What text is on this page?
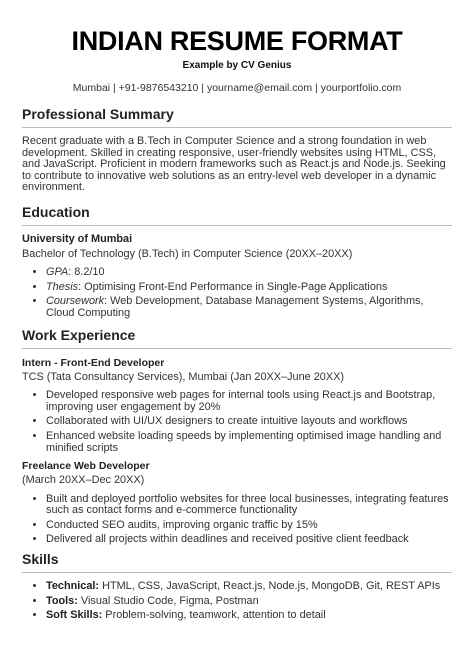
INDIAN RESUME FORMAT
Example by CV Genius
Mumbai | +91-9876543210 | yourname@email.com | yourportfolio.com
Professional Summary
Recent graduate with a B.Tech in Computer Science and a strong foundation in web development. Skilled in creating responsive, user-friendly websites using HTML, CSS, and JavaScript. Proficient in modern frameworks such as React.js and Node.js. Seeking to contribute to innovative web solutions as an entry-level web developer in a dynamic environment.
Education
University of Mumbai
Bachelor of Technology (B.Tech) in Computer Science (20XX–20XX)
• GPA: 8.2/10
• Thesis: Optimising Front-End Performance in Single-Page Applications
• Coursework: Web Development, Database Management Systems, Algorithms, Cloud Computing
Work Experience
Intern - Front-End Developer
TCS (Tata Consultancy Services), Mumbai (Jan 20XX–June 20XX)
• Developed responsive web pages for internal tools using React.js and Bootstrap, improving user engagement by 20%
• Collaborated with UI/UX designers to create intuitive layouts and workflows
• Enhanced website loading speeds by implementing optimised image handling and minified scripts
Freelance Web Developer
(March 20XX–Dec 20XX)
• Built and deployed portfolio websites for three local businesses, integrating features such as contact forms and e-commerce functionality
• Conducted SEO audits, improving organic traffic by 15%
• Delivered all projects within deadlines and received positive client feedback
Skills
• Technical: HTML, CSS, JavaScript, React.js, Node.js, MongoDB, Git, REST APIs
• Tools: Visual Studio Code, Figma, Postman
• Soft Skills: Problem-solving, teamwork, attention to detail
